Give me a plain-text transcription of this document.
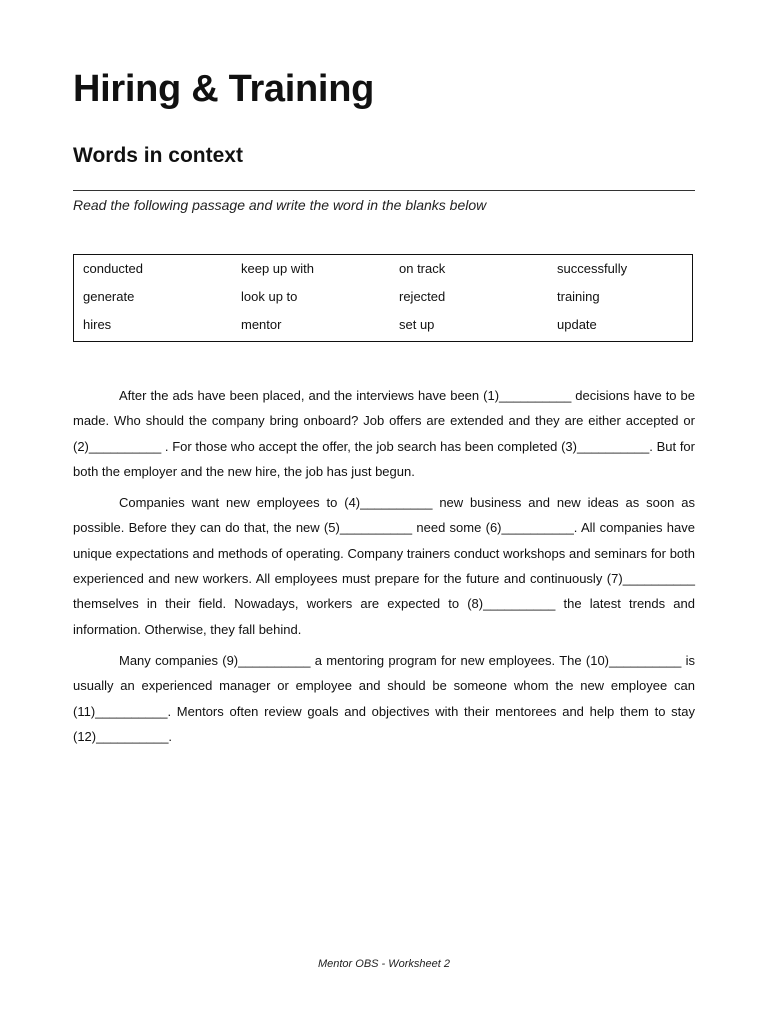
Hiring & Training
Words in context

Read the following passage and write the word in the blanks below

conducted	keep up with	on track	successfully
generate	look up to	rejected	training
hires	mentor	set up	update

After the ads have been placed, and the interviews have been (1)__________ decisions have to be made. Who should the company bring onboard? Job offers are extended and they are either accepted or (2)__________ . For those who accept the offer, the job search has been completed (3)__________. But for both the employer and the new hire, the job has just begun.

Companies want new employees to (4)__________ new business and new ideas as soon as possible. Before they can do that, the new (5)__________ need some (6)__________. All companies have unique expectations and methods of operating. Company trainers conduct workshops and seminars for both experienced and new workers. All employees must prepare for the future and continuously (7)__________ themselves in their field. Nowadays, workers are expected to (8)__________ the latest trends and information. Otherwise, they fall behind.

Many companies (9)__________ a mentoring program for new employees. The (10)__________ is usually an experienced manager or employee and should be someone whom the new employee can (11)__________. Mentors often review goals and objectives with their mentorees and help them to stay (12)__________.

Mentor OBS - Worksheet 2
